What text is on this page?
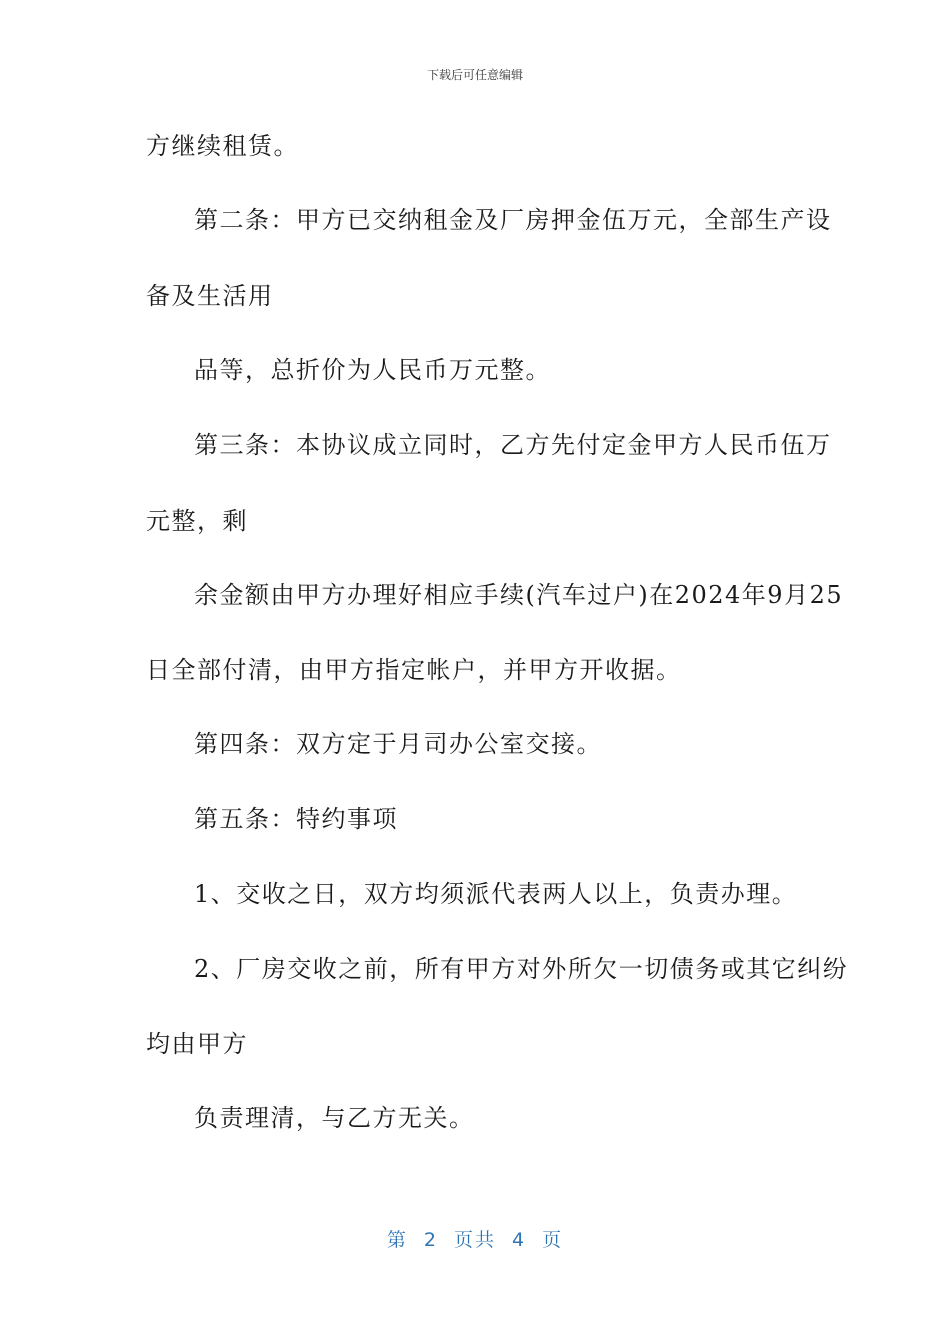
下载后可任意编辑
方继续租赁。
第二条：甲方已交纳租金及厂房押金伍万元，全部生产设
备及生活用
品等，总折价为人民币万元整。
第三条：本协议成立同时，乙方先付定金甲方人民币伍万
元整，剩
余金额由甲方办理好相应手续(汽车过户)在2024年9月25
日全部付清，由甲方指定帐户，并甲方开收据。
第四条：双方定于月司办公室交接。
第五条：特约事项
1、交收之日，双方均须派代表两人以上，负责办理。
2、厂房交收之前，所有甲方对外所欠一切债务或其它纠纷
均由甲方
负责理清，与乙方无关。
第 2 页共 4 页
